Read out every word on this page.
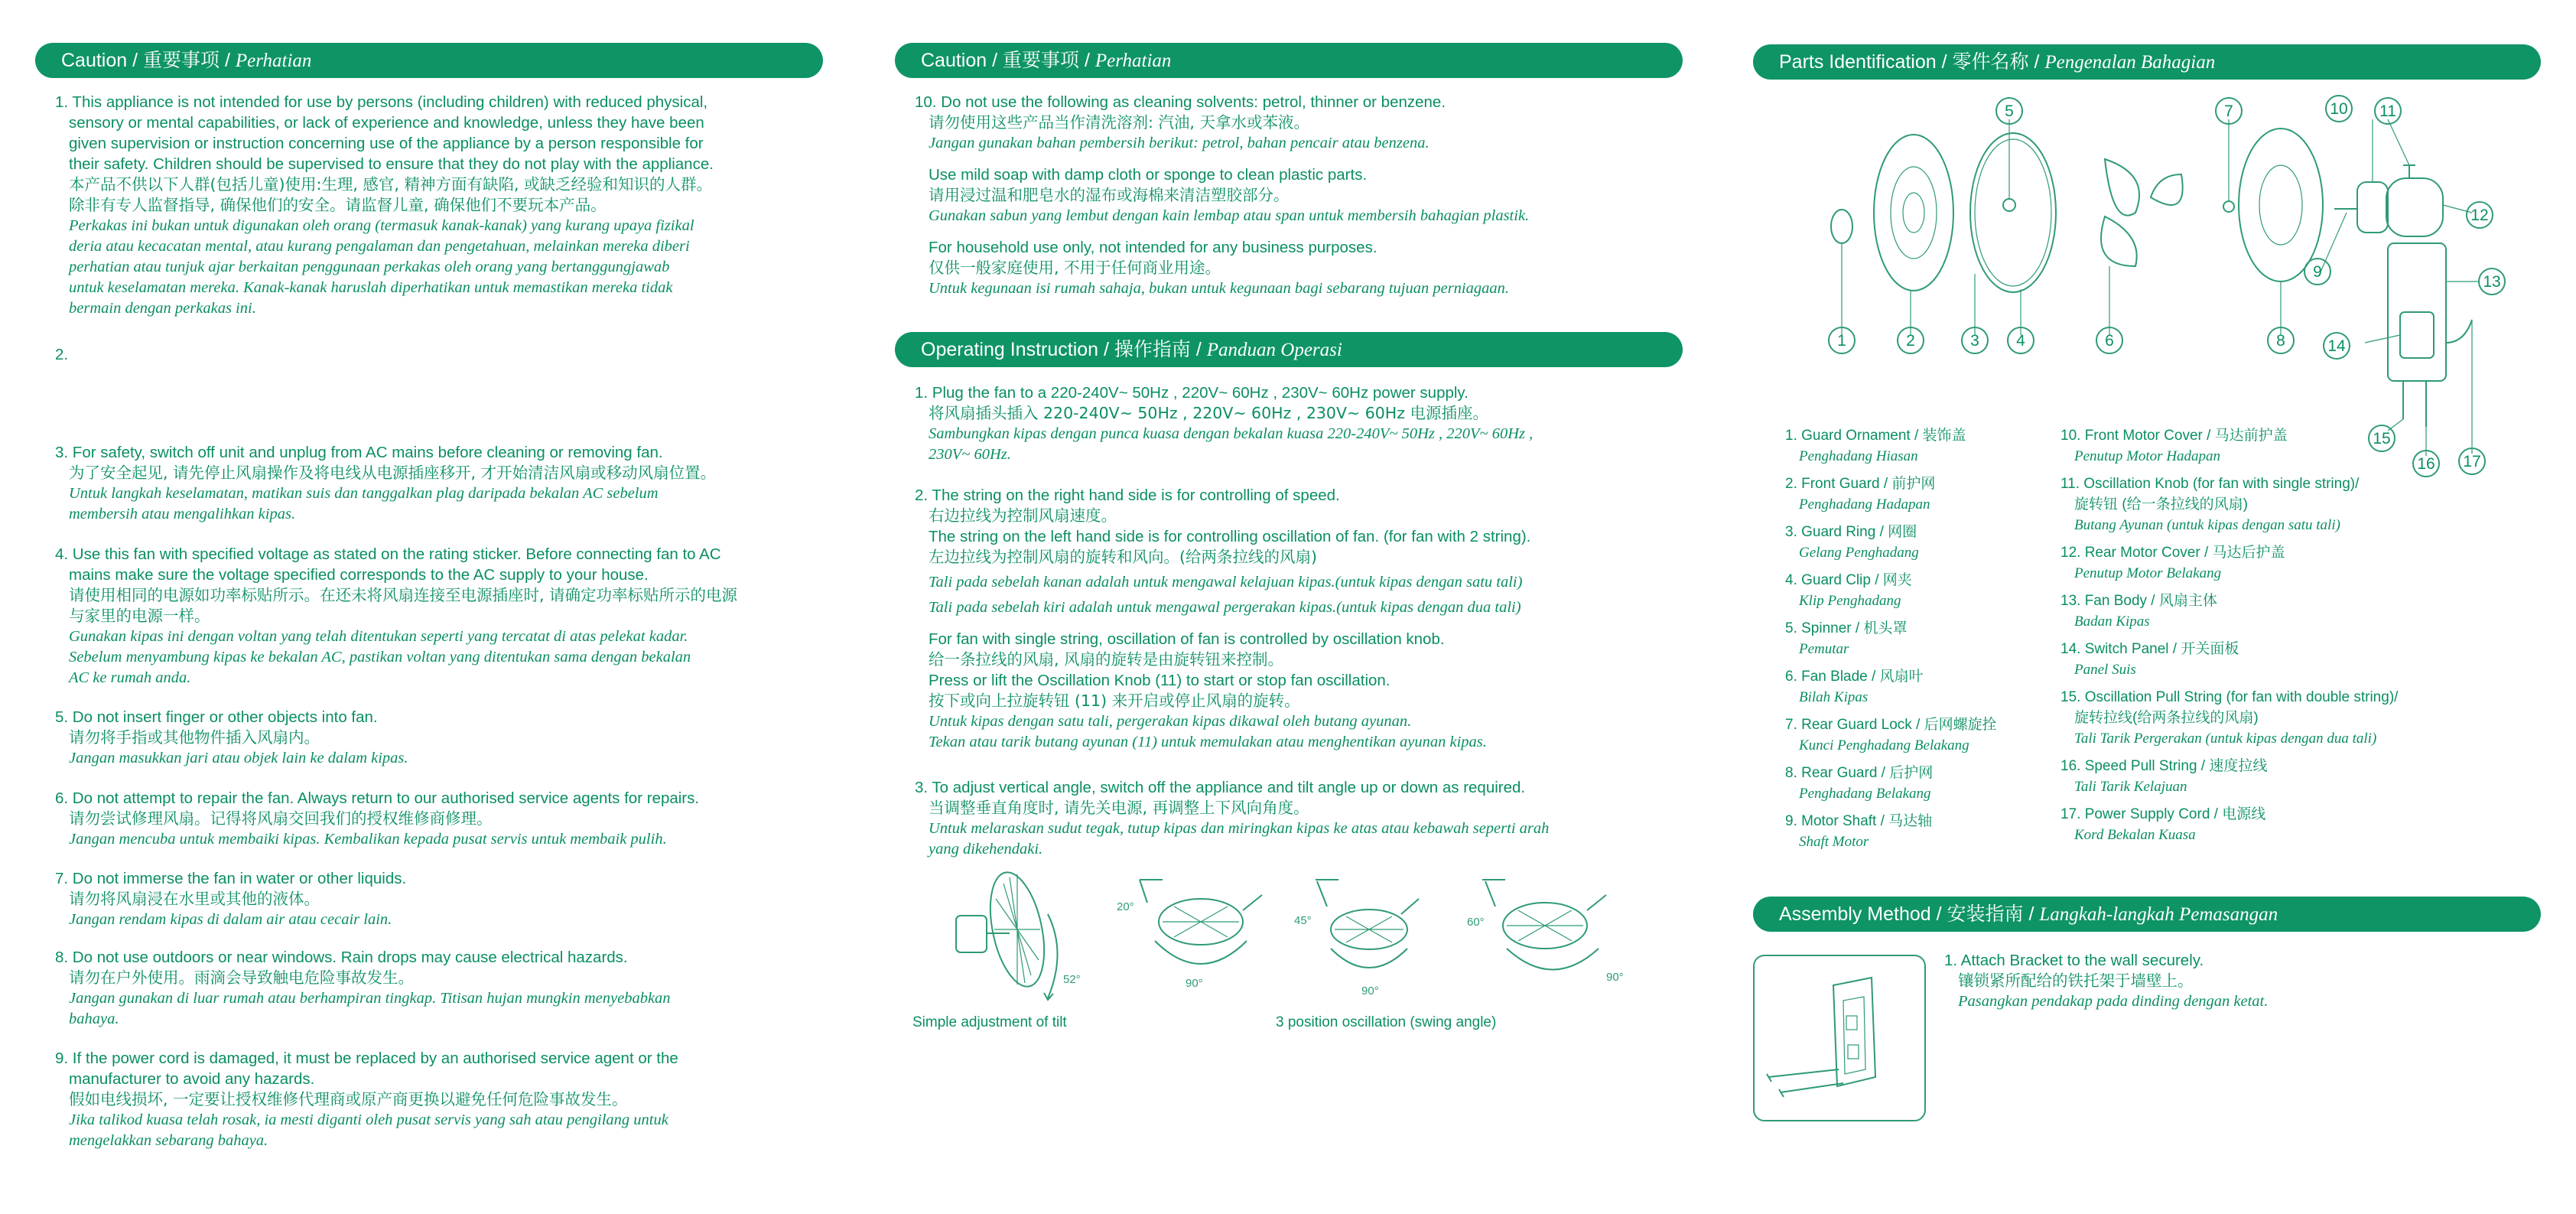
Caution / 重要事项 / Perhatian
1. This appliance is not intended for use by persons (including children) with reduced physical,
sensory or mental capabilities, or lack of experience and knowledge, unless they have been
given supervision or instruction concerning use of the appliance by a person responsible for
their safety. Children should be supervised to ensure that they do not play with the appliance.
本产品不供以下人群(包括儿童)使用:生理, 感官, 精神方面有缺陷, 或缺乏经验和知识的人群。
除非有专人监督指导, 确保他们的安全。请监督儿童, 确保他们不要玩本产品。
Perkakas ini bukan untuk digunakan oleh orang (termasuk kanak-kanak) yang kurang upaya fizikal
deria atau kecacatan mental, atau kurang pengalaman dan pengetahuan, melainkan mereka diberi
perhatian atau tunjuk ajar berkaitan penggunaan perkakas oleh orang yang bertanggungjawab
untuk keselamatan mereka. Kanak-kanak haruslah diperhatikan untuk memastikan mereka tidak
bermain dengan perkakas ini.
2.
3. For safety, switch off unit and unplug from AC mains before cleaning or removing fan.
为了安全起见, 请先停止风扇操作及将电线从电源插座移开, 才开始清洁风扇或移动风扇位置。
Untuk langkah keselamatan, matikan suis dan tanggalkan plag daripada bekalan AC sebelum
membersih atau mengalihkan kipas.
4. Use this fan with specified voltage as stated on the rating sticker. Before connecting fan to AC
mains make sure the voltage specified corresponds to the AC supply to your house.
请使用相同的电源如功率标贴所示。在还未将风扇连接至电源插座时, 请确定功率标贴所示的电源
与家里的电源一样。
Gunakan kipas ini dengan voltan yang telah ditentukan seperti yang tercatat di atas pelekat kadar.
Sebelum menyambung kipas ke bekalan AC, pastikan voltan yang ditentukan sama dengan bekalan
AC ke rumah anda.
5. Do not insert finger or other objects into fan.
请勿将手指或其他物件插入风扇内。
Jangan masukkan jari atau objek lain ke dalam kipas.
6. Do not attempt to repair the fan. Always return to our authorised service agents for repairs.
请勿尝试修理风扇。记得将风扇交回我们的授权维修商修理。
Jangan mencuba untuk membaiki kipas. Kembalikan kepada pusat servis untuk membaik pulih.
7. Do not immerse the fan in water or other liquids.
请勿将风扇浸在水里或其他的液体。
Jangan rendam kipas di dalam air atau cecair lain.
8. Do not use outdoors or near windows. Rain drops may cause electrical hazards.
请勿在户外使用。雨滴会导致触电危险事故发生。
Jangan gunakan di luar rumah atau berhampiran tingkap. Titisan hujan mungkin menyebabkan
bahaya.
9. If the power cord is damaged, it must be replaced by an authorised service agent or the
manufacturer to avoid any hazards.
假如电线损坏, 一定要让授权维修代理商或原产商更换以避免任何危险事故发生。
Jika talikod kuasa telah rosak, ia mesti diganti oleh pusat servis yang sah atau pengilang untuk
mengelakkan sebarang bahaya.
Caution / 重要事项 / Perhatian
10. Do not use the following as cleaning solvents: petrol, thinner or benzene.
请勿使用这些产品当作清洗溶剂: 汽油, 天拿水或苯液。
Jangan gunakan bahan pembersih berikut: petrol, bahan pencair atau benzena.
Use mild soap with damp cloth or sponge to clean plastic parts.
请用浸过温和肥皂水的湿布或海棉来清洁塑胶部分。
Gunakan sabun yang lembut dengan kain lembap atau span untuk membersih bahagian plastik.
For household use only, not intended for any business purposes.
仅供一般家庭使用, 不用于任何商业用途。
Untuk kegunaan isi rumah sahaja, bukan untuk kegunaan bagi sebarang tujuan perniagaan.
Operating Instruction / 操作指南 / Panduan Operasi
1. Plug the fan to a 220-240V~ 50Hz , 220V~ 60Hz , 230V~ 60Hz power supply.
将风扇插头插入 220-240V~ 50Hz , 220V~ 60Hz , 230V~ 60Hz 电源插座。
Sambungkan kipas dengan punca kuasa dengan bekalan kuasa 220-240V~ 50Hz , 220V~ 60Hz ,
230V~ 60Hz.
2. The string on the right hand side is for controlling of speed.
右边拉线为控制风扇速度。
The string on the left hand side is for controlling oscillation of fan. (for fan with 2 string).
左边拉线为控制风扇的旋转和风向。(给两条拉线的风扇)
Tali pada sebelah kanan adalah untuk mengawal kelajuan kipas.(untuk kipas dengan satu tali)
Tali pada sebelah kiri adalah untuk mengawal pergerakan kipas.(untuk kipas dengan dua tali)
For fan with single string, oscillation of fan is controlled by oscillation knob.
给一条拉线的风扇, 风扇的旋转是由旋转钮来控制。
Press or lift the Oscillation Knob (11) to start or stop fan oscillation.
按下或向上拉旋转钮 (11) 来开启或停止风扇的旋转。
Untuk kipas dengan satu tali, pergerakan kipas dikawal oleh butang ayunan.
Tekan atau tarik butang ayunan (11) untuk memulakan atau menghentikan ayunan kipas.
3. To adjust vertical angle, switch off the appliance and tilt angle up or down as required.
当调整垂直角度时, 请先关电源, 再调整上下风向角度。
Untuk melaraskan sudut tegak, tutup kipas dan miringkan kipas ke atas atau kebawah seperti arah
yang dikehendaki.
52°
Simple adjustment of tilt
20°
90°
45°
90°
60°
90°
3 position oscillation (swing angle)
Parts Identification / 零件名称 / Pengenalan Bahagian
1	2	3 4
5
6
7
8
9
10 11
12
13
14
15
16 17
1. Guard Ornament / 装饰盖
Penghadang Hiasan
2. Front Guard / 前护网
Penghadang Hadapan
3. Guard Ring / 网圈
Gelang Penghadang
4. Guard Clip / 网夹
Klip Penghadang
5. Spinner / 机头罩
Pemutar
6. Fan Blade / 风扇叶
Bilah Kipas
7. Rear Guard Lock / 后网螺旋拴
Kunci Penghadang Belakang
8. Rear Guard / 后护网
Penghadang Belakang
9. Motor Shaft / 马达轴
Shaft Motor
10. Front Motor Cover / 马达前护盖
Penutup Motor Hadapan
11. Oscillation Knob (for fan with single string)/
旋转钮 (给一条拉线的风扇)
Butang Ayunan (untuk kipas dengan satu tali)
12. Rear Motor Cover / 马达后护盖
Penutup Motor Belakang
13. Fan Body / 风扇主体
Badan Kipas
14. Switch Panel / 开关面板
Panel Suis
15. Oscillation Pull String (for fan with double string)/
旋转拉线(给两条拉线的风扇)
Tali Tarik Pergerakan (untuk kipas dengan dua tali)
16. Speed Pull String / 速度拉线
Tali Tarik Kelajuan
17. Power Supply Cord / 电源线
Kord Bekalan Kuasa
Assembly Method / 安装指南 / Langkah-langkah Pemasangan
1. Attach Bracket to the wall securely.
镶锁紧所配给的铁托架于墙壁上。
Pasangkan pendakap pada dinding dengan ketat.
